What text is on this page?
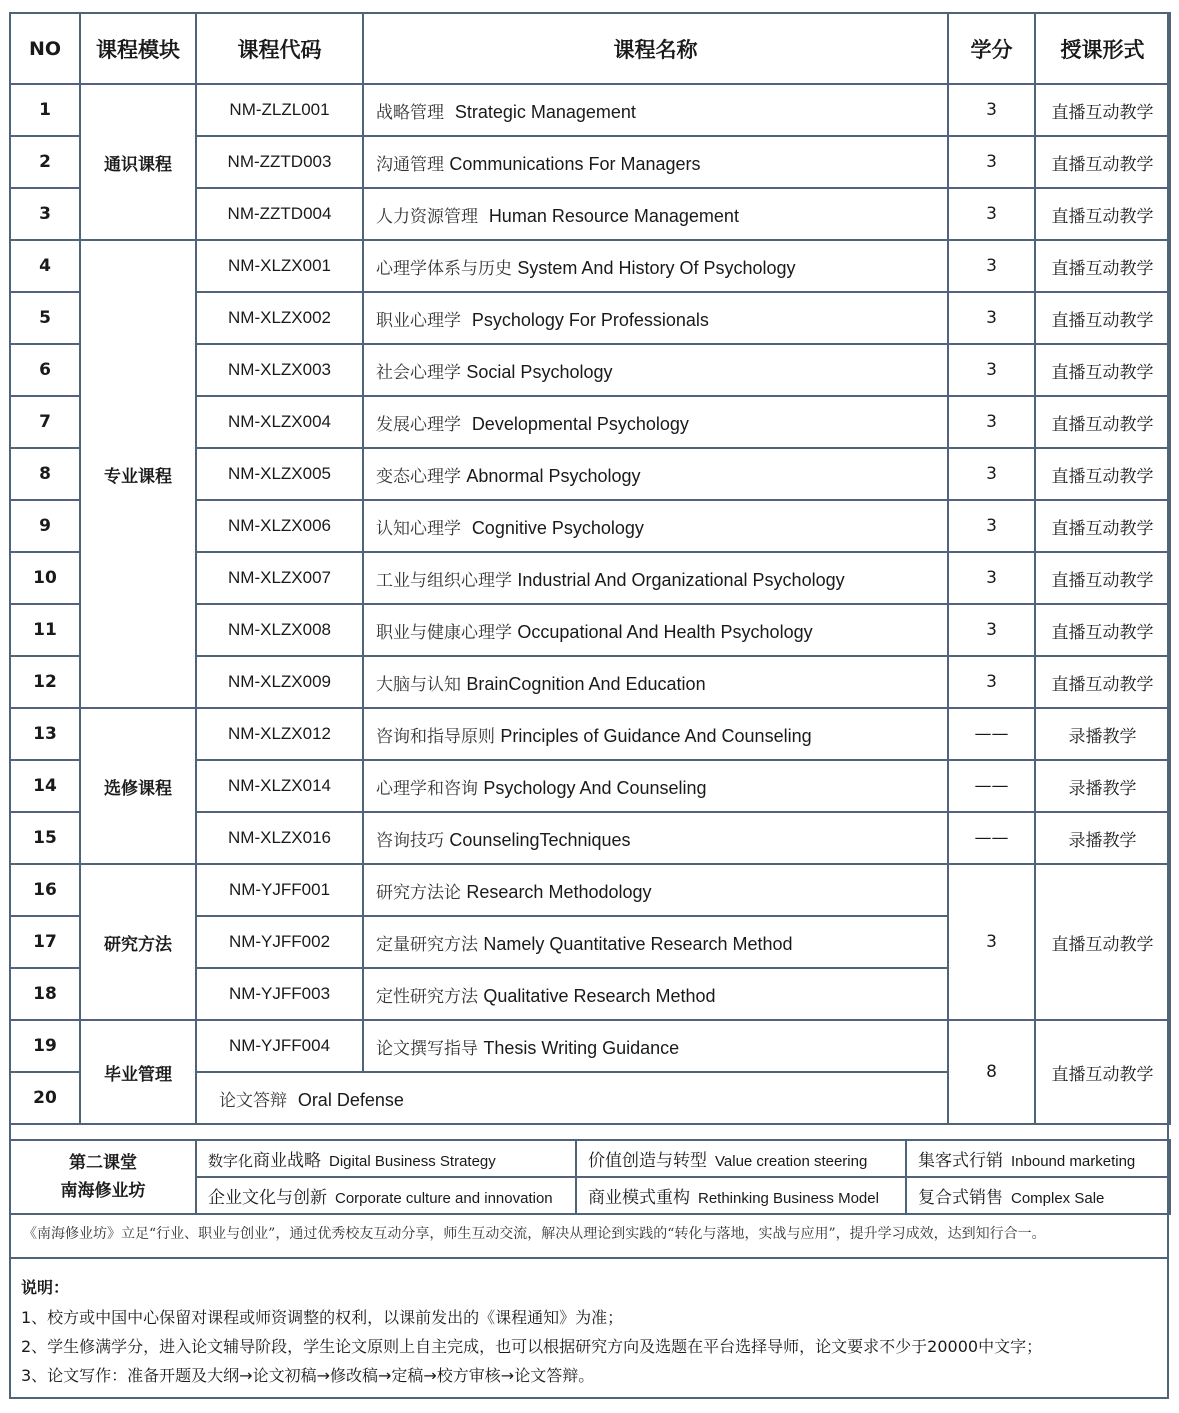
NO	课程模块	课程代码	课程名称	学分	授课形式
1	通识课程	NM-ZLZL001	战略管理 Strategic Management	3	直播互动教学
2		NM-ZZTD003	沟通管理 Communications For Managers	3	直播互动教学
3		NM-ZZTD004	人力资源管理 Human Resource Management	3	直播互动教学
4	专业课程	NM-XLZX001	心理学体系与历史 System And History Of Psychology	3	直播互动教学
5		NM-XLZX002	职业心理学 Psychology For Professionals	3	直播互动教学
6		NM-XLZX003	社会心理学 Social Psychology	3	直播互动教学
7		NM-XLZX004	发展心理学 Developmental Psychology	3	直播互动教学
8		NM-XLZX005	变态心理学 Abnormal Psychology	3	直播互动教学
9		NM-XLZX006	认知心理学 Cognitive Psychology	3	直播互动教学
10		NM-XLZX007	工业与组织心理学 Industrial And Organizational Psychology	3	直播互动教学
11		NM-XLZX008	职业与健康心理学 Occupational And Health Psychology	3	直播互动教学
12		NM-XLZX009	大脑与认知 BrainCognition And Education	3	直播互动教学
13	选修课程	NM-XLZX012	咨询和指导原则 Principles of Guidance And Counseling	——	录播教学
14		NM-XLZX014	心理学和咨询 Psychology And Counseling	——	录播教学
15		NM-XLZX016	咨询技巧 CounselingTechniques	——	录播教学
16	研究方法	NM-YJFF001	研究方法论 Research Methodology	3	直播互动教学
17		NM-YJFF002	定量研究方法 Namely Quantitative Research Method		
18		NM-YJFF003	定性研究方法 Qualitative Research Method		
19	毕业管理	NM-YJFF004	论文撰写指导 Thesis Writing Guidance	8	直播互动教学
20		论文答辩 Oral Defense			
第二课堂
南海修业坊	数字化商业战略 Digital Business Strategy	价值创造与转型 Value creation steering	集客式行销 Inbound marketing
	企业文化与创新 Corporate culture and innovation	商业模式重构 Rethinking Business Model	复合式销售 Complex Sale
《南海修业坊》立足“行业、职业与创业”，通过优秀校友互动分享，师生互动交流，解决从理论到实践的“转化与落地，实战与应用”，提升学习成效，达到知行合一。
说明：
1、校方或中国中心保留对课程或师资调整的权利，以课前发出的《课程通知》为准；
2、学生修满学分，进入论文辅导阶段，学生论文原则上自主完成，也可以根据研究方向及选题在平台选择导师，论文要求不少于20000中文字；
3、论文写作：准备开题及大纲→论文初稿→修改稿→定稿→校方审核→论文答辩。
